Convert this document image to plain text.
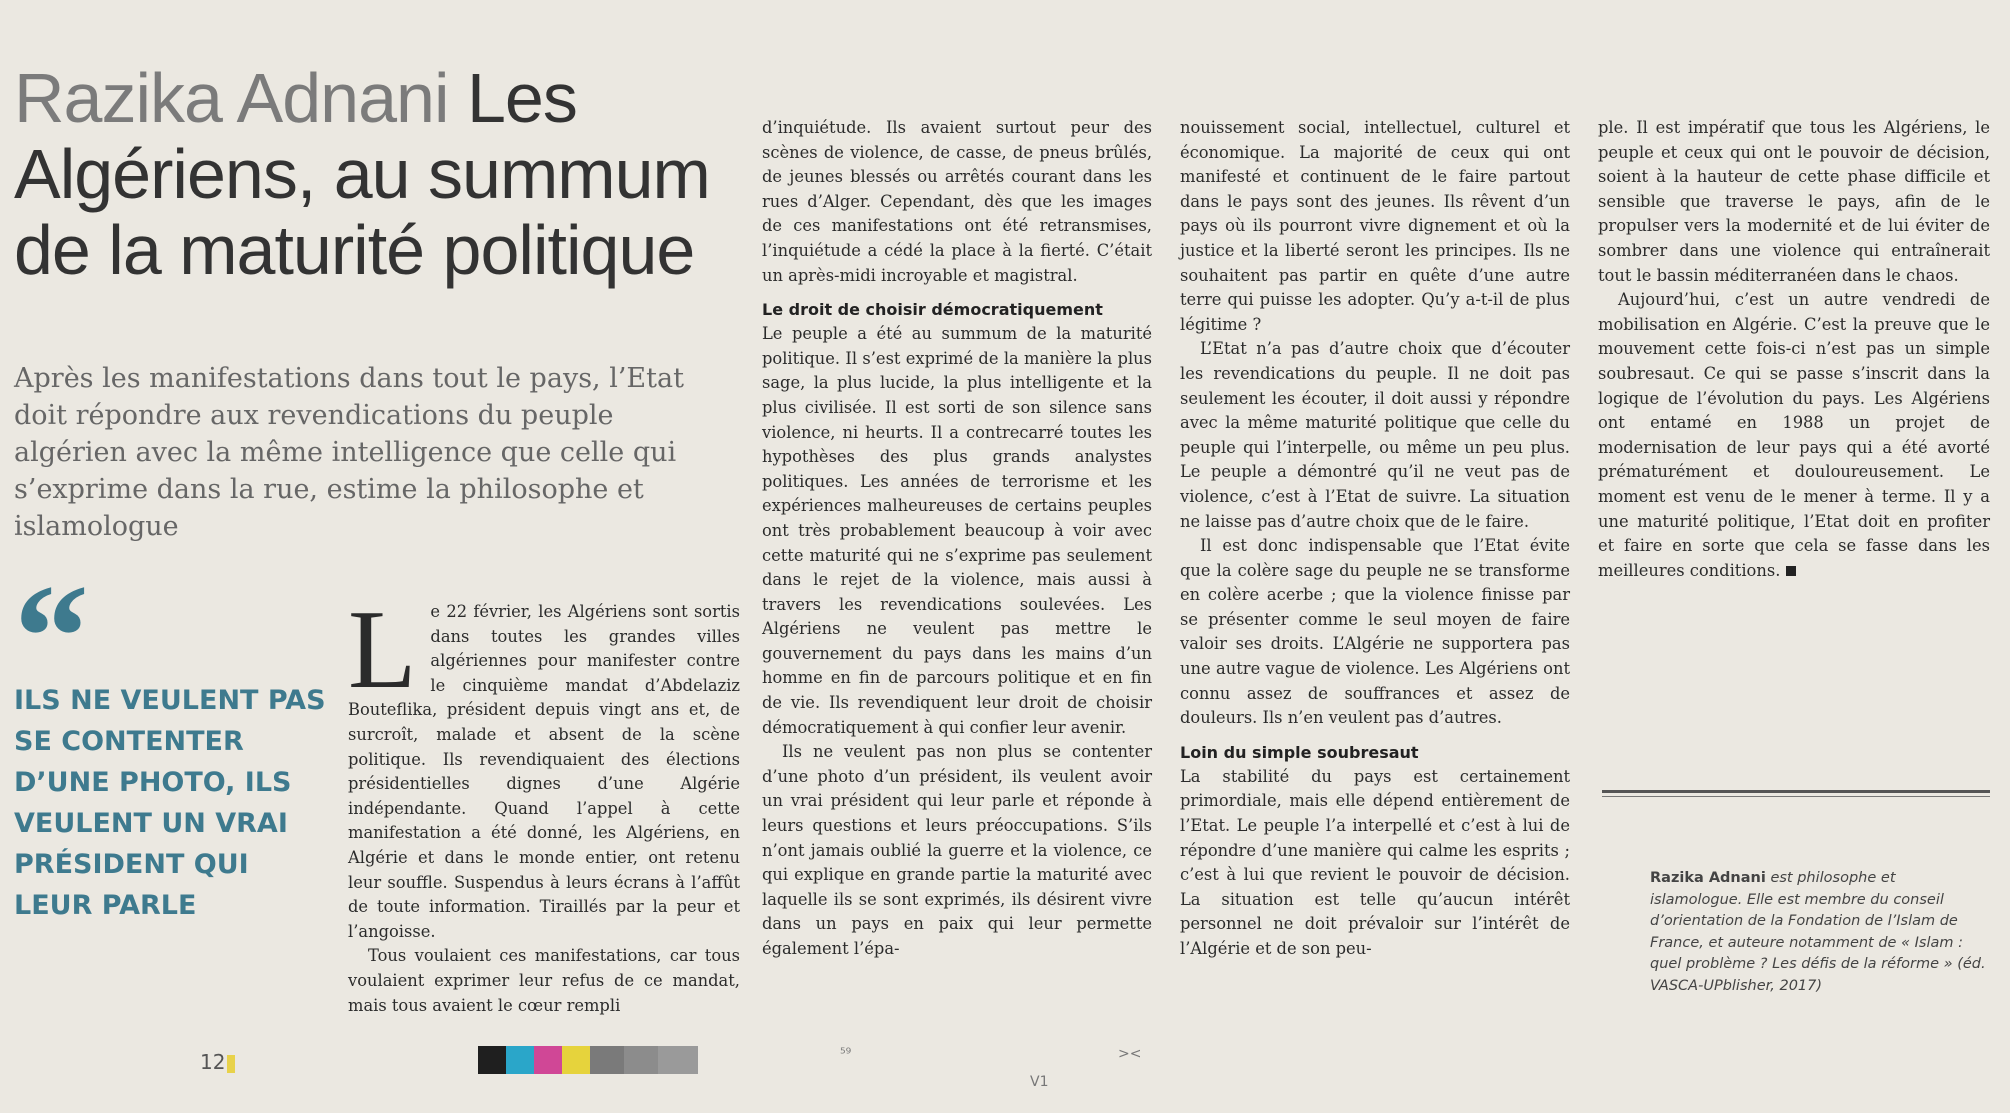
Razika Adnani Les Algériens, au summum de la maturité politique

Après les manifestations dans tout le pays, l’Etat doit répondre aux revendications du peuple algérien avec la même intelligence que celle qui s’exprime dans la rue, estime la philosophe et islamologue

“
ILS NE VEULENT PAS SE CONTENTER D’UNE PHOTO, ILS VEULENT UN VRAI PRÉSIDENT QUI LEUR PARLE
L e 22 février, les Algériens sont sortis dans toutes les grandes villes algériennes pour manifester contre le cinquième mandat d’Abdelaziz Bouteflika, président depuis vingt ans et, de surcroît, malade et absent de la scène politique. Ils revendiquaient des élections présidentielles dignes d’une Algérie indépendante. Quand l’appel à cette manifestation a été donné, les Algériens, en Algérie et dans le monde entier, ont retenu leur souffle. Suspendus à leurs écrans à l’affût de toute information. Tiraillés par la peur et l’angoisse.

Tous voulaient ces manifestations, car tous voulaient exprimer leur refus de ce mandat, mais tous avaient le cœur rempli

d’inquiétude. Ils avaient surtout peur des scènes de violence, de casse, de pneus brûlés, de jeunes blessés ou arrêtés courant dans les rues d’Alger. Cependant, dès que les images de ces manifestations ont été retransmises, l’inquiétude a cédé la place à la fierté. C’était un après-midi incroyable et magistral.

Le droit de choisir démocratiquement

Le peuple a été au summum de la maturité politique. Il s’est exprimé de la manière la plus sage, la plus lucide, la plus intelligente et la plus civilisée. Il est sorti de son silence sans violence, ni heurts. Il a contrecarré toutes les hypothèses des plus grands analystes politiques. Les années de terrorisme et les expériences malheureuses de certains peuples ont très probablement beaucoup à voir avec cette maturité qui ne s’exprime pas seulement dans le rejet de la violence, mais aussi à travers les revendications soulevées. Les Algériens ne veulent pas mettre le gouvernement du pays dans les mains d’un homme en fin de parcours politique et en fin de vie. Ils revendiquent leur droit de choisir démocratiquement à qui confier leur avenir.

Ils ne veulent pas non plus se contenter d’une photo d’un président, ils veulent avoir un vrai président qui leur parle et réponde à leurs questions et leurs préoccupations. S’ils n’ont jamais oublié la guerre et la violence, ce qui explique en grande partie la maturité avec laquelle ils se sont exprimés, ils désirent vivre dans un pays en paix qui leur permette également l’épa-

nouissement social, intellectuel, culturel et économique. La majorité de ceux qui ont manifesté et continuent de le faire partout dans le pays sont des jeunes. Ils rêvent d’un pays où ils pourront vivre dignement et où la justice et la liberté seront les principes. Ils ne souhaitent pas partir en quête d’une autre terre qui puisse les adopter. Qu’y a-t-il de plus légitime ?

L’Etat n’a pas d’autre choix que d’écouter les revendications du peuple. Il ne doit pas seulement les écouter, il doit aussi y répondre avec la même maturité politique que celle du peuple qui l’interpelle, ou même un peu plus. Le peuple a démontré qu’il ne veut pas de violence, c’est à l’Etat de suivre. La situation ne laisse pas d’autre choix que de le faire.

Il est donc indispensable que l’Etat évite que la colère sage du peuple ne se transforme en colère acerbe ; que la violence finisse par se présenter comme le seul moyen de faire valoir ses droits. L’Algérie ne supportera pas une autre vague de violence. Les Algériens ont connu assez de souffrances et assez de douleurs. Ils n’en veulent pas d’autres.

Loin du simple soubresaut

La stabilité du pays est certainement primordiale, mais elle dépend entièrement de l’Etat. Le peuple l’a interpellé et c’est à lui de répondre d’une manière qui calme les esprits ; c’est à lui que revient le pouvoir de décision. La situation est telle qu’aucun intérêt personnel ne doit prévaloir sur l’intérêt de l’Algérie et de son peu-

ple. Il est impératif que tous les Algériens, le peuple et ceux qui ont le pouvoir de décision, soient à la hauteur de cette phase difficile et sensible que traverse le pays, afin de le propulser vers la modernité et de lui éviter de sombrer dans une violence qui entraînerait tout le bassin méditerranéen dans le chaos.

Aujourd’hui, c’est un autre vendredi de mobilisation en Algérie. C’est la preuve que le mouvement cette fois-ci n’est pas un simple soubresaut. Ce qui se passe s’inscrit dans la logique de l’évolution du pays. Les Algériens ont entamé en 1988 un projet de modernisation de leur pays qui a été avorté prématurément et douloureusement. Le moment est venu de le mener à terme. Il y a une maturité politique, l’Etat doit en profiter et faire en sorte que cela se fasse dans les meilleures conditions.

Razika Adnani est philosophe et islamologue. Elle est membre du conseil d’orientation de la Fondation de l’Islam de France, et auteure notamment de « Islam : quel problème ? Les défis de la réforme » (éd. VASCA-UPblisher, 2017)
12	⁵⁹
V1
><
